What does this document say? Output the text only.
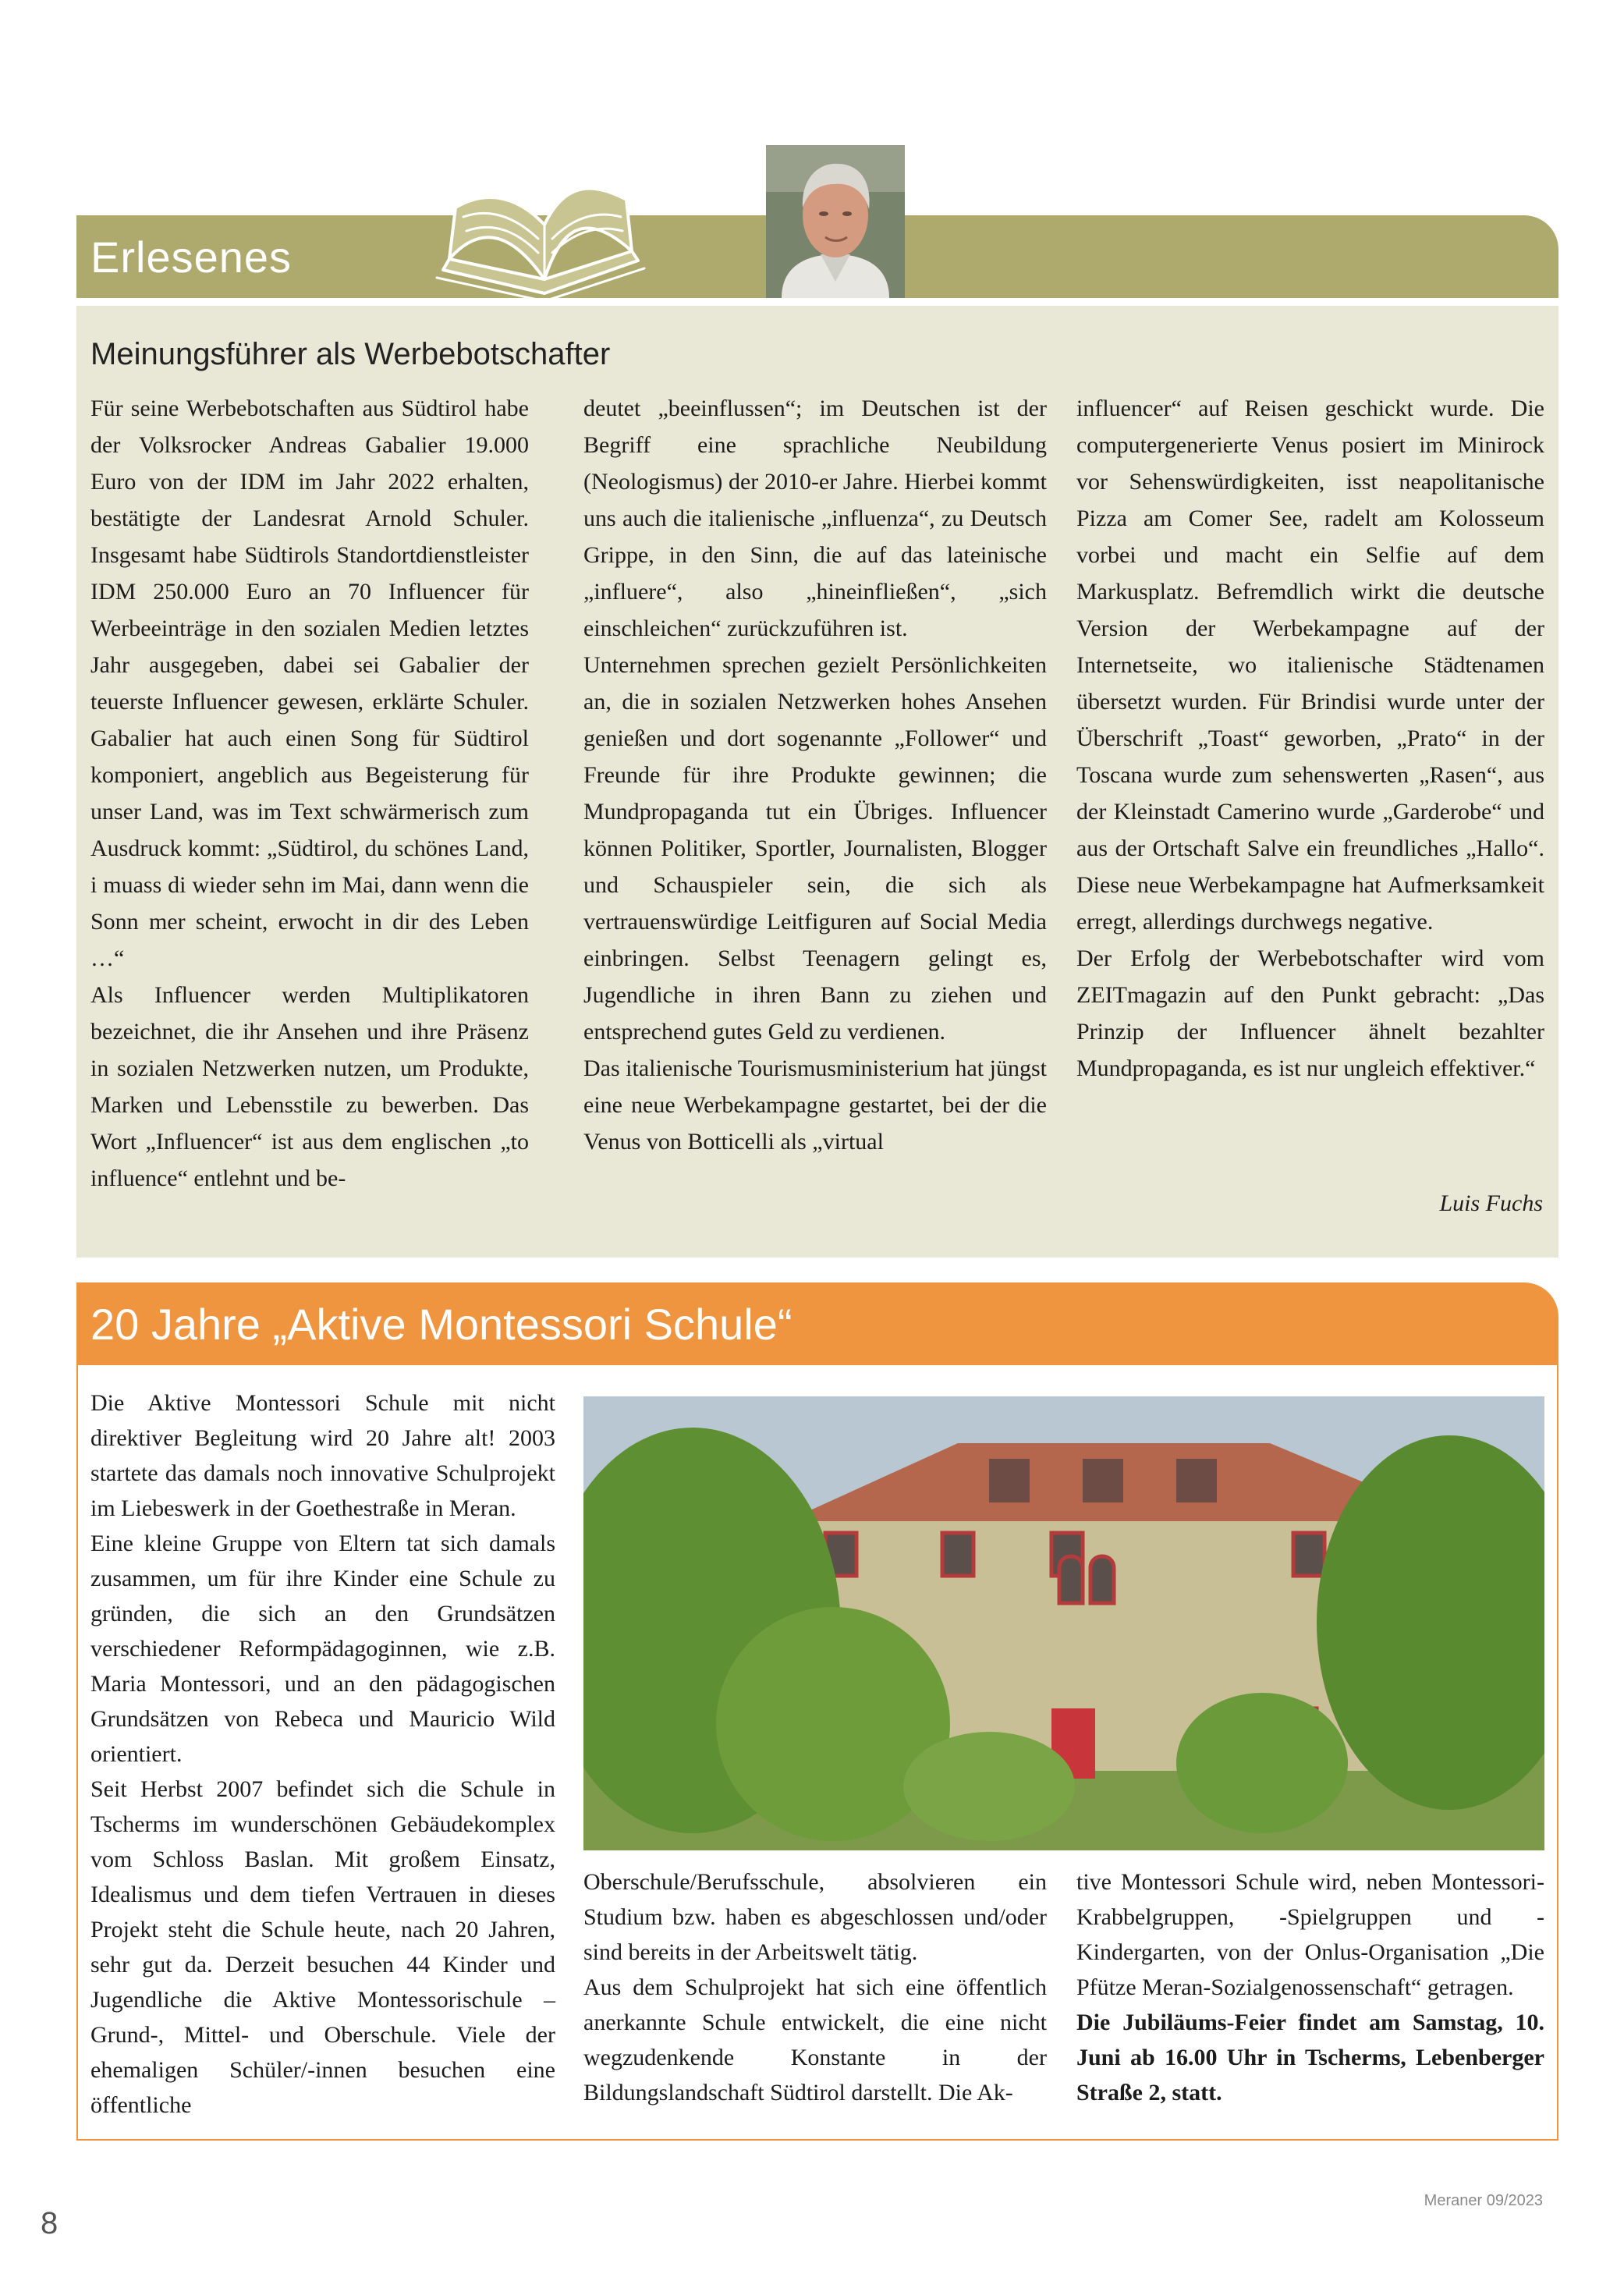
Erlesenes
Meinungsführer als Werbebotschafter

Für seine Werbebotschaften aus Südtirol habe der Volksrocker Andreas Gabalier 19.000 Euro von der IDM im Jahr 2022 erhalten, bestätigte der Landesrat Arnold Schuler. Insgesamt habe Südtirols Standortdienstleister IDM 250.000 Euro an 70 Influencer für Werbeeinträge in den sozialen Medien letztes Jahr ausgegeben, dabei sei Gabalier der teuerste Influencer gewesen, erklärte Schuler. Gabalier hat auch einen Song für Südtirol komponiert, angeblich aus Begeisterung für unser Land, was im Text schwärmerisch zum Ausdruck kommt: „Südtirol, du schönes Land, i muass di wieder sehn im Mai, dann wenn die Sonn mer scheint, erwocht in dir des Leben …“

Als Influencer werden Multiplikatoren bezeichnet, die ihr Ansehen und ihre Präsenz in sozialen Netzwerken nutzen, um Produkte, Marken und Lebensstile zu bewerben. Das Wort „Influencer“ ist aus dem englischen „to influence“ entlehnt und be-

deutet „beeinflussen“; im Deutschen ist der Begriff eine sprachliche Neubildung (Neologismus) der 2010-er Jahre. Hierbei kommt uns auch die italienische „influenza“, zu Deutsch Grippe, in den Sinn, die auf das lateinische „influere“, also „hineinfließen“, „sich einschleichen“ zurückzuführen ist.

Unternehmen sprechen gezielt Persönlichkeiten an, die in sozialen Netzwerken hohes Ansehen genießen und dort sogenannte „Follower“ und Freunde für ihre Produkte gewinnen; die Mundpropaganda tut ein Übriges. Influencer können Politiker, Sportler, Journalisten, Blogger und Schauspieler sein, die sich als vertrauenswürdige Leitfiguren auf Social Media einbringen. Selbst Teenagern gelingt es, Jugendliche in ihren Bann zu ziehen und entsprechend gutes Geld zu verdienen.

Das italienische Tourismusministerium hat jüngst eine neue Werbekampagne gestartet, bei der die Venus von Botticelli als „virtual

influencer“ auf Reisen geschickt wurde. Die computergenerierte Venus posiert im Minirock vor Sehenswürdigkeiten, isst neapolitanische Pizza am Comer See, radelt am Kolosseum vorbei und macht ein Selfie auf dem Markusplatz. Befremdlich wirkt die deutsche Version der Werbekampagne auf der Internetseite, wo italienische Städtenamen übersetzt wurden. Für Brindisi wurde unter der Überschrift „Toast“ geworben, „Prato“ in der Toscana wurde zum sehenswerten „Rasen“, aus der Kleinstadt Camerino wurde „Garderobe“ und aus der Ortschaft Salve ein freundliches „Hallo“. Diese neue Werbekampagne hat Aufmerksamkeit erregt, allerdings durchwegs negative.

Der Erfolg der Werbebotschafter wird vom ZEITmagazin auf den Punkt gebracht: „Das Prinzip der Influencer ähnelt bezahlter Mundpropaganda, es ist nur ungleich effektiver.“

Luis Fuchs
20 Jahre „Aktive Montessori Schule“

Die Aktive Montessori Schule mit nicht direktiver Begleitung wird 20 Jahre alt! 2003 startete das damals noch innovative Schulprojekt im Liebeswerk in der Goethestraße in Meran.

Eine kleine Gruppe von Eltern tat sich damals zusammen, um für ihre Kinder eine Schule zu gründen, die sich an den Grundsätzen verschiedener Reformpädagoginnen, wie z.B. Maria Montessori, und an den pädagogischen Grundsätzen von Rebeca und Mauricio Wild orientiert.

Seit Herbst 2007 befindet sich die Schule in Tscherms im wunderschönen Gebäudekomplex vom Schloss Baslan. Mit großem Einsatz, Idealismus und dem tiefen Vertrauen in dieses Projekt steht die Schule heute, nach 20 Jahren, sehr gut da. Derzeit besuchen 44 Kinder und Jugendliche die Aktive Montessorischule – Grund-, Mittel- und Oberschule. Viele der ehemaligen Schüler/-innen besuchen eine öffentliche

Oberschule/Berufsschule, absolvieren ein Studium bzw. haben es abgeschlossen und/oder sind bereits in der Arbeitswelt tätig.

Aus dem Schulprojekt hat sich eine öffentlich anerkannte Schule entwickelt, die eine nicht wegzudenkende Konstante in der Bildungslandschaft Südtirol darstellt. Die Ak-

tive Montessori Schule wird, neben Montessori-Krabbelgruppen, -Spielgruppen und -Kindergarten, von der Onlus-Organisation „Die Pfütze Meran-Sozialgenossenschaft“ getragen.

Die Jubiläums-Feier findet am Samstag, 10. Juni ab 16.00 Uhr in Tscherms, Lebenberger Straße 2, statt.

8
Meraner 09/2023
